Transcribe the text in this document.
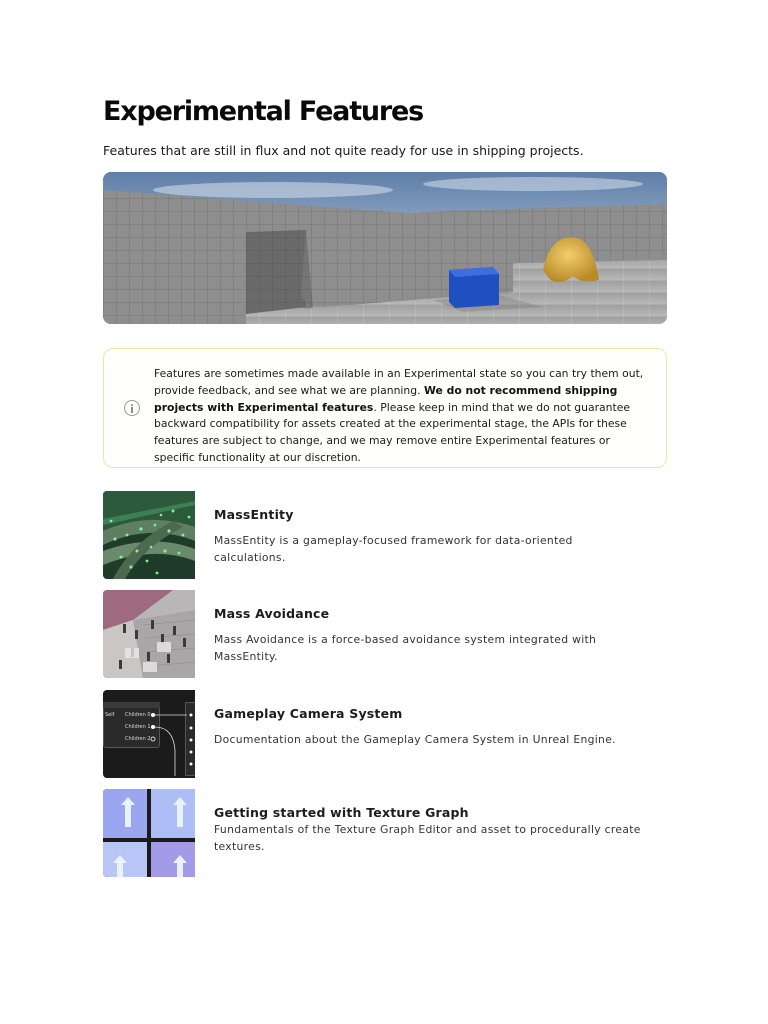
Experimental Features

Features that are still in flux and not quite ready for use in shipping projects.

Features are sometimes made available in an Experimental state so you can try them out, provide feedback, and see what we are planning. We do not recommend shipping projects with Experimental features. Please keep in mind that we do not guarantee backward compatibility for assets created at the experimental stage, the APIs for these features are subject to change, and we may remove entire Experimental features or specific functionality at our discretion.

MassEntity
MassEntity is a gameplay-focused framework for data-oriented calculations.
Mass Avoidance
Mass Avoidance is a force-based avoidance system integrated with MassEntity.
Self Children 0
Children 1
Children 2
Gameplay Camera System
Documentation about the Gameplay Camera System in Unreal Engine.
Getting started with Texture Graph
Fundamentals of the Texture Graph Editor and asset to procedurally create textures.
